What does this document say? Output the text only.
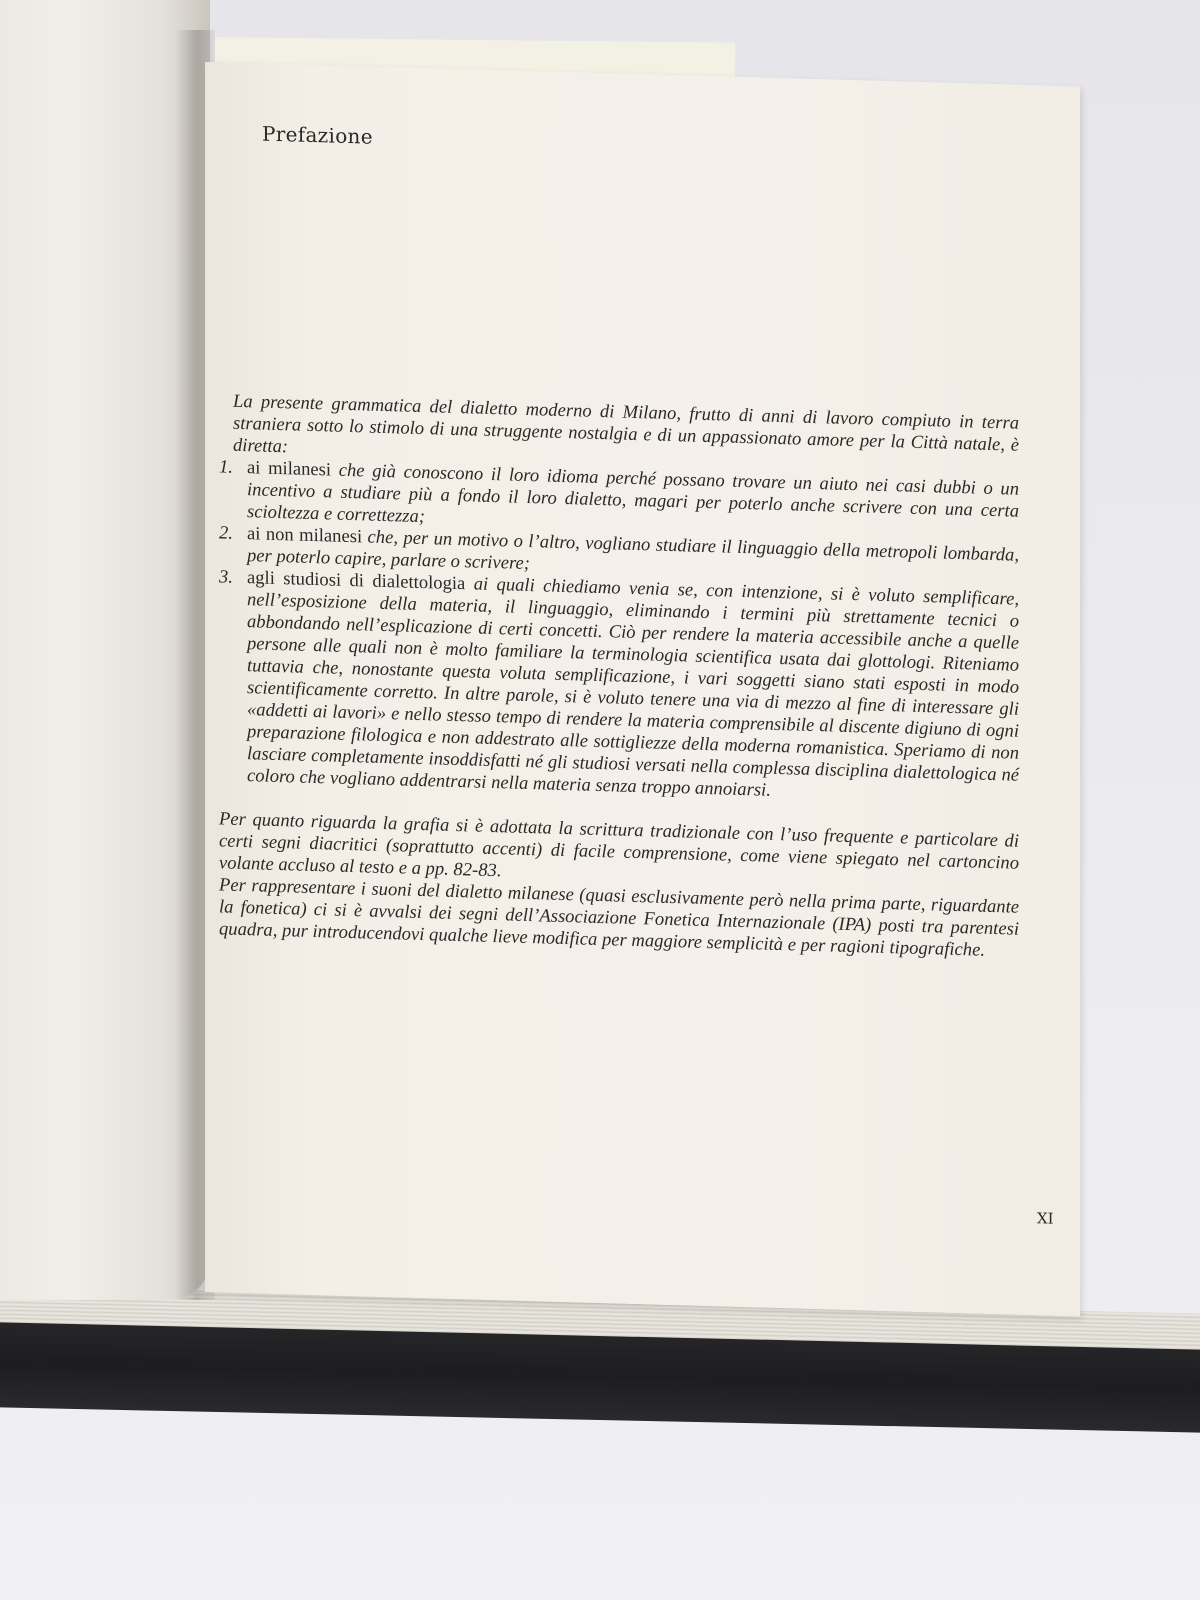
Prefazione

La presente grammatica del dialetto moderno di Milano, frutto di anni di lavoro compiuto in terra straniera sotto lo stimolo di una struggente nostalgia e di un appassionato amore per la Città natale, è diretta:

1. ai milanesi che già conoscono il loro idioma perché possano trovare un aiuto nei casi dubbi o un incentivo a studiare più a fondo il loro dialetto, magari per poterlo anche scrivere con una certa scioltezza e correttezza;
2. ai non milanesi che, per un motivo o l’altro, vogliano studiare il linguaggio della metropoli lombarda, per poterlo capire, parlare o scrivere;
3. agli studiosi di dialettologia ai quali chiediamo venia se, con intenzione, si è voluto semplificare, nell’esposizione della materia, il linguaggio, eliminando i termini più strettamente tecnici o abbondando nell’esplicazione di certi concetti. Ciò per rendere la materia accessibile anche a quelle persone alle quali non è molto familiare la terminologia scientifica usata dai glottologi. Riteniamo tuttavia che, nonostante questa voluta semplificazione, i vari soggetti siano stati esposti in modo scientificamente corretto. In altre parole, si è voluto tenere una via di mezzo al fine di interessare gli «addetti ai lavori» e nello stesso tempo di rendere la materia comprensibile al discente digiuno di ogni preparazione filologica e non addestrato alle sottigliezze della moderna romanistica. Speriamo di non lasciare completamente insoddisfatti né gli studiosi versati nella complessa disciplina dialettologica né coloro che vogliano addentrarsi nella materia senza troppo annoiarsi.

Per quanto riguarda la grafia si è adottata la scrittura tradizionale con l’uso frequente e particolare di certi segni diacritici (soprattutto accenti) di facile comprensione, come viene spiegato nel cartoncino volante accluso al testo e a pp. 82-83.

Per rappresentare i suoni del dialetto milanese (quasi esclusivamente però nella prima parte, riguardante la fonetica) ci si è avvalsi dei segni dell’Associazione Fonetica Internazionale (IPA) posti tra parentesi quadra, pur introducendovi qualche lieve modifica per maggiore semplicità e per ragioni tipografiche.

XI
